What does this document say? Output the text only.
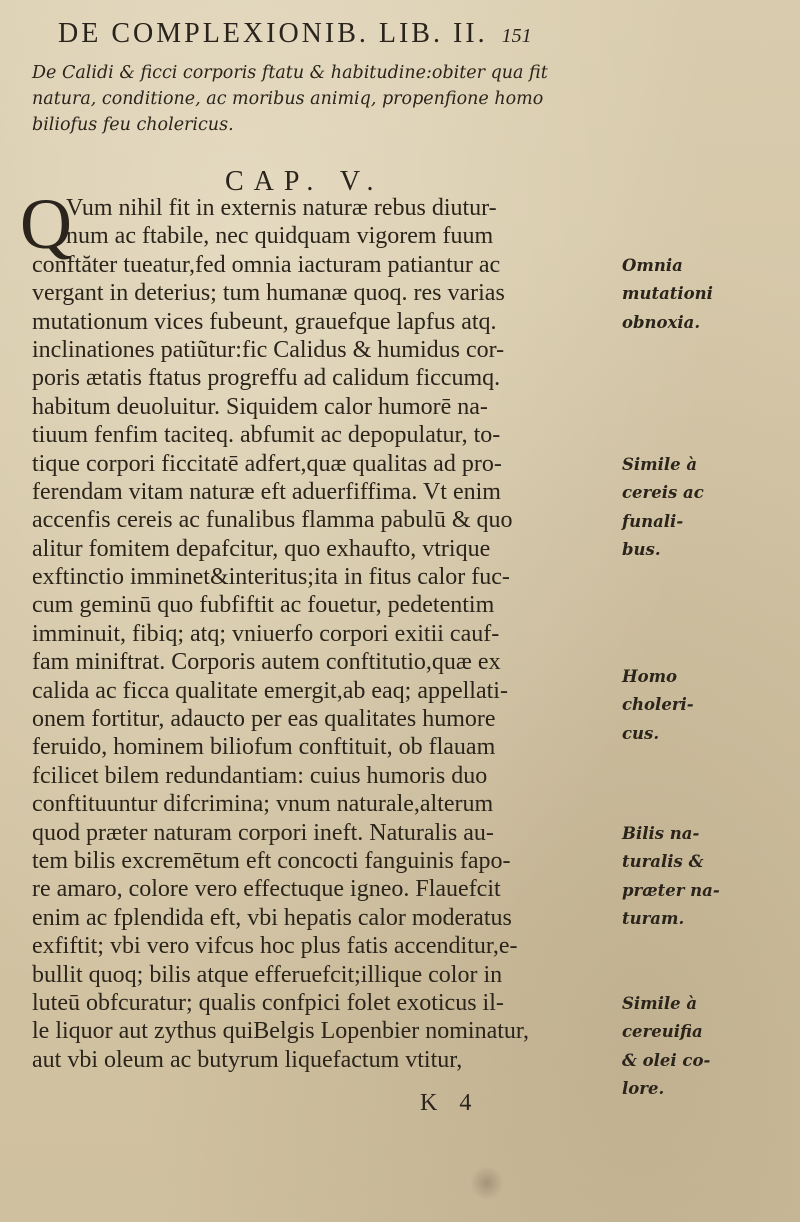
DE COMPLEXIONIB. LIB. II. 151
De Calidi & ficci corporis ftatu & habitudine:obiter qua fit
natura, conditione, ac moribus animiq, propenfione homo
biliofus feu cholericus.
CAP. V.
Q
Vum nihil fit in externis naturæ rebus diutur-
num ac ftabile, nec quidquam vigorem fuum
conftăter tueatur,fed omnia iacturam patiantur ac
vergant in deterius; tum humanæ quoq. res varias
mutationum vices fubeunt, grauefque lapfus atq.
inclinationes patiũtur:fic Calidus & humidus cor-
poris ætatis ftatus progreffu ad calidum ficcumq.
habitum deuoluitur. Siquidem calor humorē na-
tiuum fenfim taciteq. abfumit ac depopulatur, to-
tique corpori ficcitatē adfert,quæ qualitas ad pro-
ferendam vitam naturæ eft aduerfiffima. Vt enim
accenfis cereis ac funalibus flamma pabulū & quo
alitur fomitem depafcitur, quo exhaufto, vtrique
exftinctio imminet&interitus;ita in fitus calor fuc-
cum geminū quo fubfiftit ac fouetur, pedetentim
imminuit, fibiq; atq; vniuerfo corpori exitii cauf-
fam miniftrat. Corporis autem conftitutio,quæ ex
calida ac ficca qualitate emergit,ab eaq; appellati-
onem fortitur, adaucto per eas qualitates humore
feruido, hominem biliofum conftituit, ob flauam
fcilicet bilem redundantiam: cuius humoris duo
conftituuntur difcrimina; vnum naturale,alterum
quod præter naturam corpori ineft. Naturalis au-
tem bilis excremētum eft concocti fanguinis fapo-
re amaro, colore vero effectuque igneo. Flauefcit
enim ac fplendida eft, vbi hepatis calor moderatus
exfiftit; vbi vero vifcus hoc plus fatis accenditur,e-
bullit quoq; bilis atque efferuefcit;illique color in
luteū obfcuratur; qualis confpici folet exoticus il-
le liquor aut zythus quiBelgis Lopenbier nominatur,
aut vbi oleum ac butyrum liquefactum vtitur,
Omnia
mutationi
obnoxia.
Simile à
cereis ac
funali-
bus.
Homo
choleri-
cus.
Bilis na-
turalis &
præter na-
turam.
Simile à
cereuifia
& olei co-
lore.
K 4
